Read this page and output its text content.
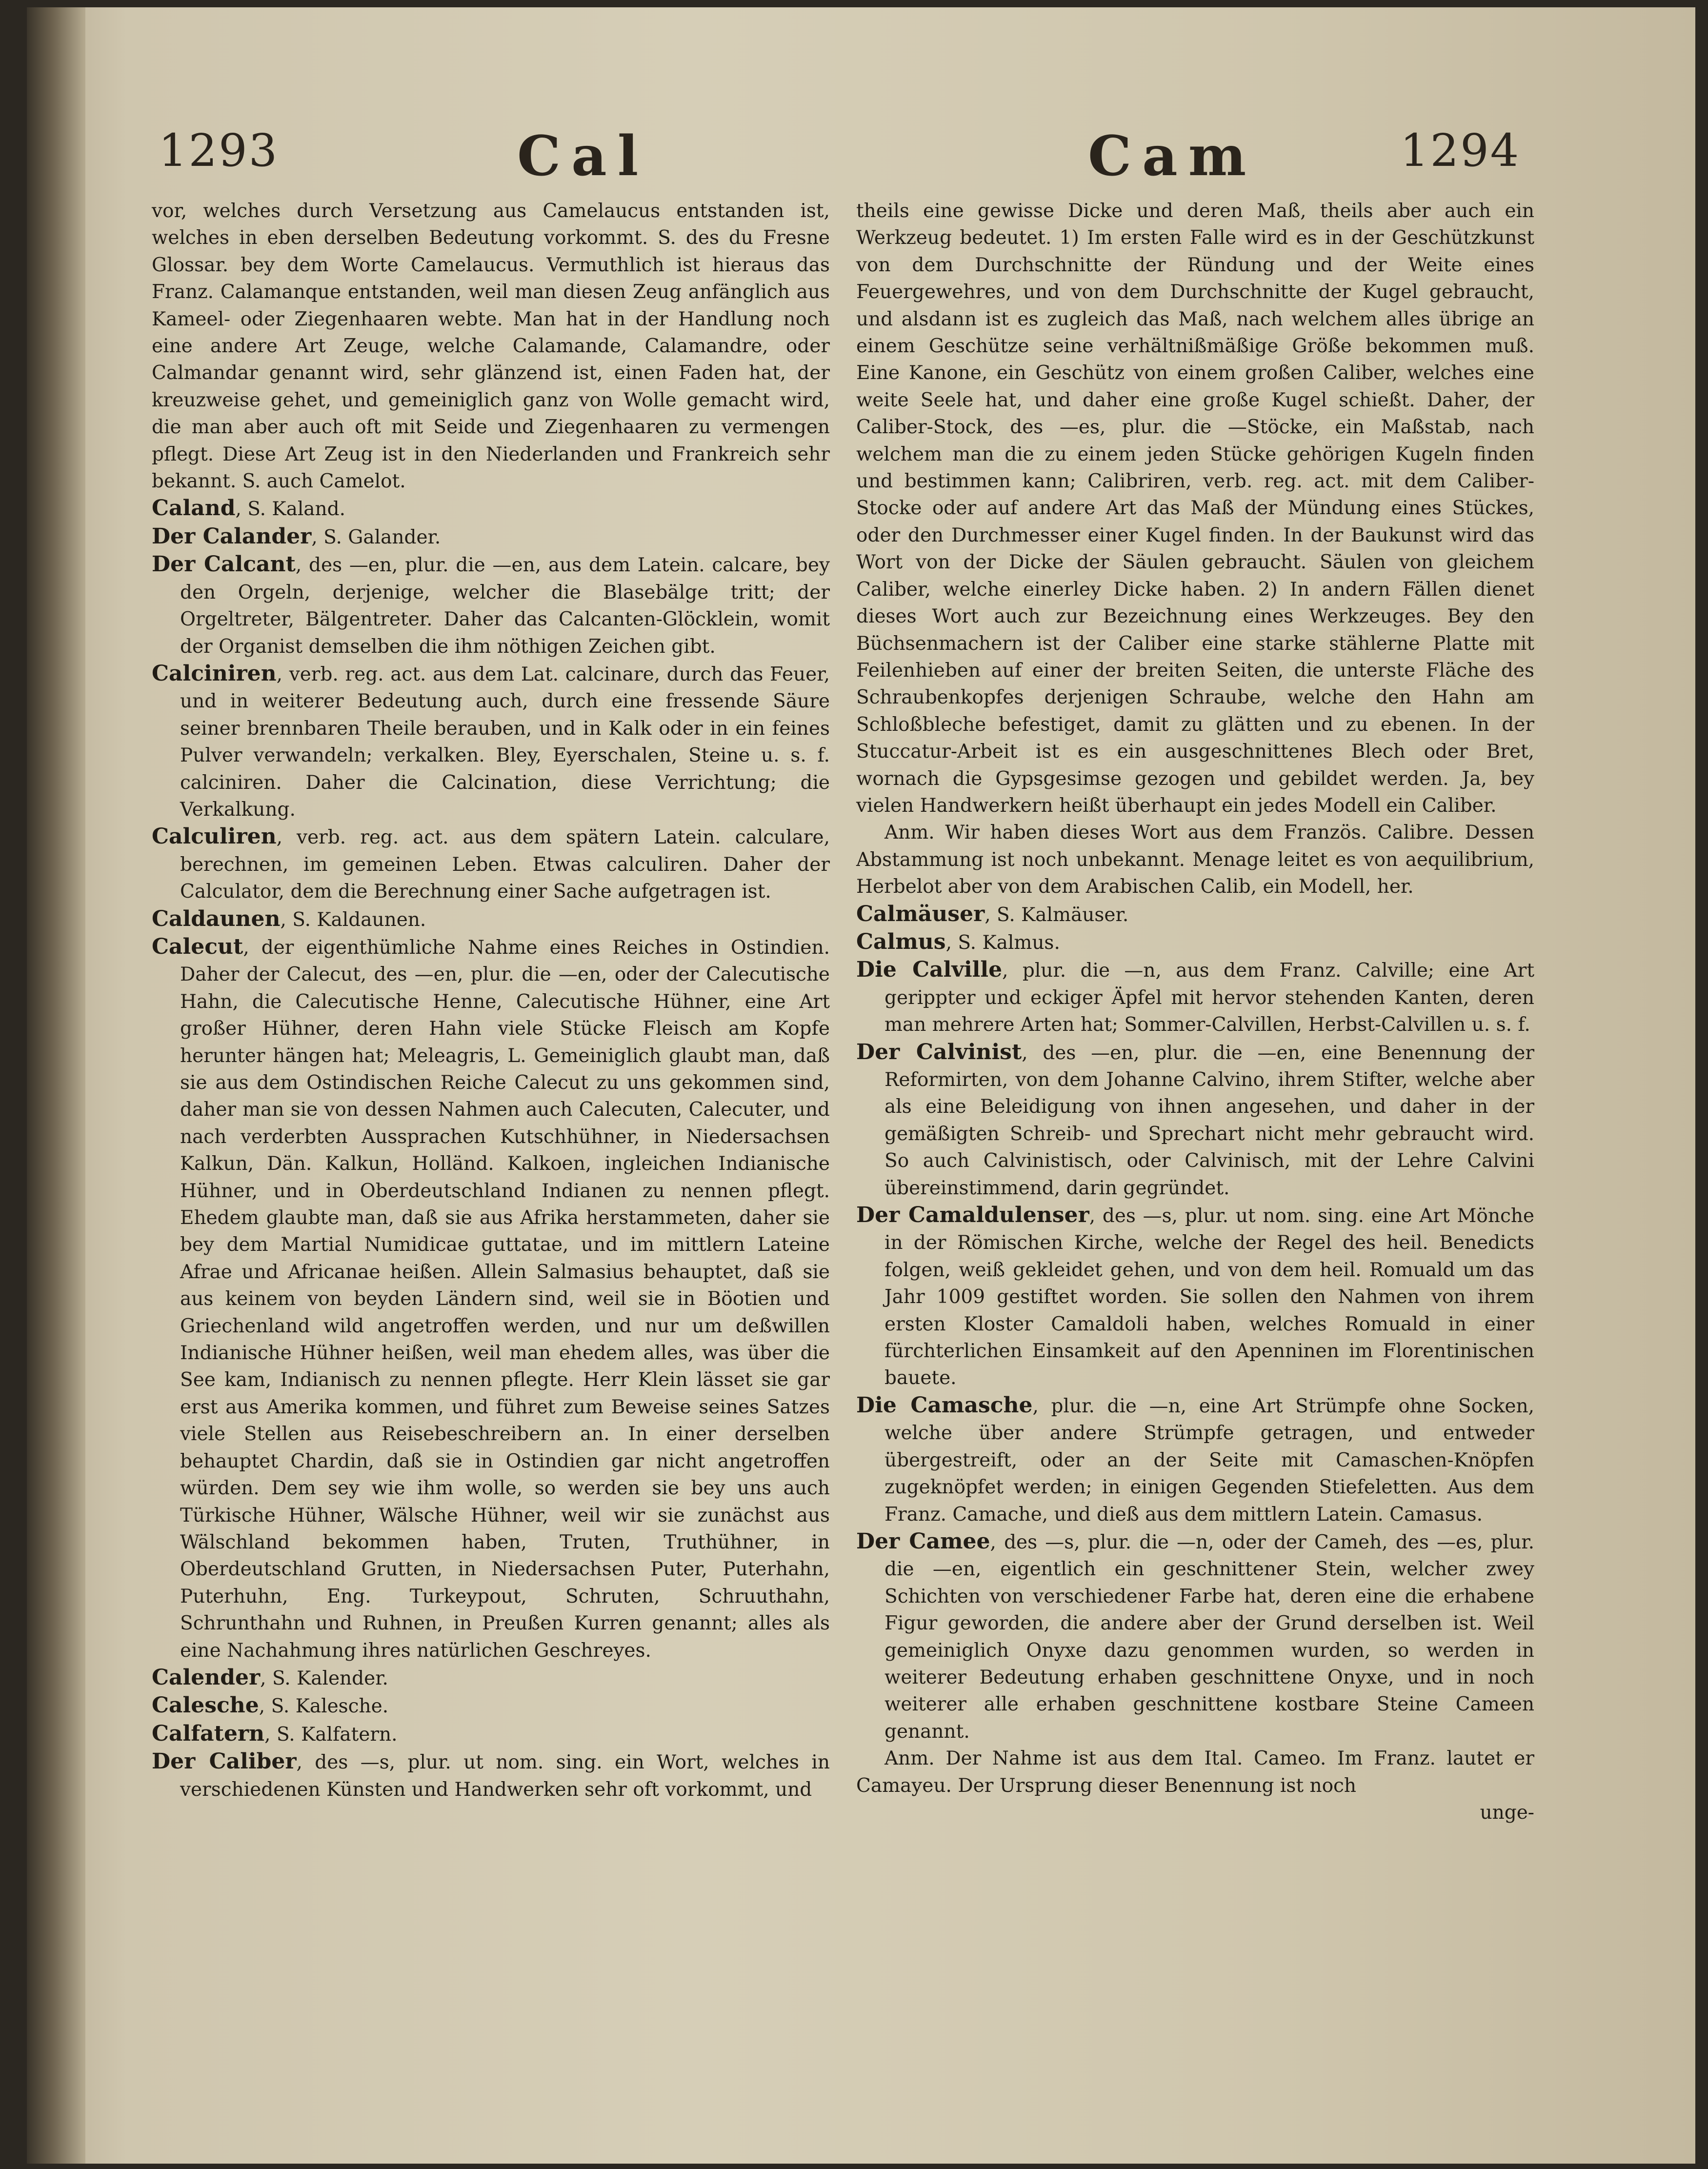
1293	Cal	Cam	1294

vor, welches durch Versetzung aus Camelaucus entstanden ist, welches in eben derselben Bedeutung vorkommt. S. des du Fresne Glossar. bey dem Worte Camelaucus. Vermuthlich ist hieraus das Franz. Calamanque entstanden, weil man diesen Zeug anfänglich aus Kameel- oder Ziegenhaaren webte. Man hat in der Handlung noch eine andere Art Zeuge, welche Calamande, Calamandre, oder Calmandar genannt wird, sehr glänzend ist, einen Faden hat, der kreuzweise gehet, und gemeiniglich ganz von Wolle gemacht wird, die man aber auch oft mit Seide und Ziegenhaaren zu vermengen pflegt. Diese Art Zeug ist in den Niederlanden und Frankreich sehr bekannt. S. auch Camelot.

Caland, S. Kaland.

Der Calander, S. Galander.

Der Calcant, des —en, plur. die —en, aus dem Latein. calcare, bey den Orgeln, derjenige, welcher die Blasebälge tritt; der Orgeltreter, Bälgentreter. Daher das Calcanten-Glöcklein, womit der Organist demselben die ihm nöthigen Zeichen gibt.

Calciniren, verb. reg. act. aus dem Lat. calcinare, durch das Feuer, und in weiterer Bedeutung auch, durch eine fressende Säure seiner brennbaren Theile berauben, und in Kalk oder in ein feines Pulver verwandeln; verkalken. Bley, Eyerschalen, Steine u. s. f. calciniren. Daher die Calcination, diese Verrichtung; die Verkalkung.

Calculiren, verb. reg. act. aus dem spätern Latein. calculare, berechnen, im gemeinen Leben. Etwas calculiren. Daher der Calculator, dem die Berechnung einer Sache aufgetragen ist.

Caldaunen, S. Kaldaunen.

Calecut, der eigenthümliche Nahme eines Reiches in Ostindien. Daher der Calecut, des —en, plur. die —en, oder der Calecutische Hahn, die Calecutische Henne, Calecutische Hühner, eine Art großer Hühner, deren Hahn viele Stücke Fleisch am Kopfe herunter hängen hat; Meleagris, L. Gemeiniglich glaubt man, daß sie aus dem Ostindischen Reiche Calecut zu uns gekommen sind, daher man sie von dessen Nahmen auch Calecuten, Calecuter, und nach verderbten Aussprachen Kutschhühner, in Niedersachsen Kalkun, Dän. Kalkun, Holländ. Kalkoen, ingleichen Indianische Hühner, und in Oberdeutschland Indianen zu nennen pflegt. Ehedem glaubte man, daß sie aus Afrika herstammeten, daher sie bey dem Martial Numidicae guttatae, und im mittlern Lateine Afrae und Africanae heißen. Allein Salmasius behauptet, daß sie aus keinem von beyden Ländern sind, weil sie in Böotien und Griechenland wild angetroffen werden, und nur um deßwillen Indianische Hühner heißen, weil man ehedem alles, was über die See kam, Indianisch zu nennen pflegte. Herr Klein lässet sie gar erst aus Amerika kommen, und führet zum Beweise seines Satzes viele Stellen aus Reisebeschreibern an. In einer derselben behauptet Chardin, daß sie in Ostindien gar nicht angetroffen würden. Dem sey wie ihm wolle, so werden sie bey uns auch Türkische Hühner, Wälsche Hühner, weil wir sie zunächst aus Wälschland bekommen haben, Truten, Truthühner, in Oberdeutschland Grutten, in Niedersachsen Puter, Puterhahn, Puterhuhn, Eng. Turkeypout, Schruten, Schruuthahn, Schrunthahn und Ruhnen, in Preußen Kurren genannt; alles als eine Nachahmung ihres natürlichen Geschreyes.

Calender, S. Kalender.

Calesche, S. Kalesche.

Calfatern, S. Kalfatern.

Der Caliber, des —s, plur. ut nom. sing. ein Wort, welches in verschiedenen Künsten und Handwerken sehr oft vorkommt, und

theils eine gewisse Dicke und deren Maß, theils aber auch ein Werkzeug bedeutet. 1) Im ersten Falle wird es in der Geschützkunst von dem Durchschnitte der Ründung und der Weite eines Feuergewehres, und von dem Durchschnitte der Kugel gebraucht, und alsdann ist es zugleich das Maß, nach welchem alles übrige an einem Geschütze seine verhältnißmäßige Größe bekommen muß. Eine Kanone, ein Geschütz von einem großen Caliber, welches eine weite Seele hat, und daher eine große Kugel schießt. Daher, der Caliber-Stock, des —es, plur. die —Stöcke, ein Maßstab, nach welchem man die zu einem jeden Stücke gehörigen Kugeln finden und bestimmen kann; Calibriren, verb. reg. act. mit dem Caliber-Stocke oder auf andere Art das Maß der Mündung eines Stückes, oder den Durchmesser einer Kugel finden. In der Baukunst wird das Wort von der Dicke der Säulen gebraucht. Säulen von gleichem Caliber, welche einerley Dicke haben. 2) In andern Fällen dienet dieses Wort auch zur Bezeichnung eines Werkzeuges. Bey den Büchsenmachern ist der Caliber eine starke stählerne Platte mit Feilenhieben auf einer der breiten Seiten, die unterste Fläche des Schraubenkopfes derjenigen Schraube, welche den Hahn am Schloßbleche befestiget, damit zu glätten und zu ebenen. In der Stuccatur-Arbeit ist es ein ausgeschnittenes Blech oder Bret, wornach die Gypsgesimse gezogen und gebildet werden. Ja, bey vielen Handwerkern heißt überhaupt ein jedes Modell ein Caliber.

Anm. Wir haben dieses Wort aus dem Französ. Calibre. Dessen Abstammung ist noch unbekannt. Menage leitet es von aequilibrium, Herbelot aber von dem Arabischen Calib, ein Modell, her.

Calmäuser, S. Kalmäuser.

Calmus, S. Kalmus.

Die Calville, plur. die —n, aus dem Franz. Calville; eine Art gerippter und eckiger Äpfel mit hervor stehenden Kanten, deren man mehrere Arten hat; Sommer-Calvillen, Herbst-Calvillen u. s. f.

Der Calvinist, des —en, plur. die —en, eine Benennung der Reformirten, von dem Johanne Calvino, ihrem Stifter, welche aber als eine Beleidigung von ihnen angesehen, und daher in der gemäßigten Schreib- und Sprechart nicht mehr gebraucht wird. So auch Calvinistisch, oder Calvinisch, mit der Lehre Calvini übereinstimmend, darin gegründet.

Der Camaldulenser, des —s, plur. ut nom. sing. eine Art Mönche in der Römischen Kirche, welche der Regel des heil. Benedicts folgen, weiß gekleidet gehen, und von dem heil. Romuald um das Jahr 1009 gestiftet worden. Sie sollen den Nahmen von ihrem ersten Kloster Camaldoli haben, welches Romuald in einer fürchterlichen Einsamkeit auf den Apenninen im Florentinischen bauete.

Die Camasche, plur. die —n, eine Art Strümpfe ohne Socken, welche über andere Strümpfe getragen, und entweder übergestreift, oder an der Seite mit Camaschen-Knöpfen zugeknöpfet werden; in einigen Gegenden Stiefeletten. Aus dem Franz. Camache, und dieß aus dem mittlern Latein. Camasus.

Der Camee, des —s, plur. die —n, oder der Cameh, des —es, plur. die —en, eigentlich ein geschnittener Stein, welcher zwey Schichten von verschiedener Farbe hat, deren eine die erhabene Figur geworden, die andere aber der Grund derselben ist. Weil gemeiniglich Onyxe dazu genommen wurden, so werden in weiterer Bedeutung erhaben geschnittene Onyxe, und in noch weiterer alle erhaben geschnittene kostbare Steine Cameen genannt.

Anm. Der Nahme ist aus dem Ital. Cameo. Im Franz. lautet er Camayeu. Der Ursprung dieser Benennung ist noch

unge-
